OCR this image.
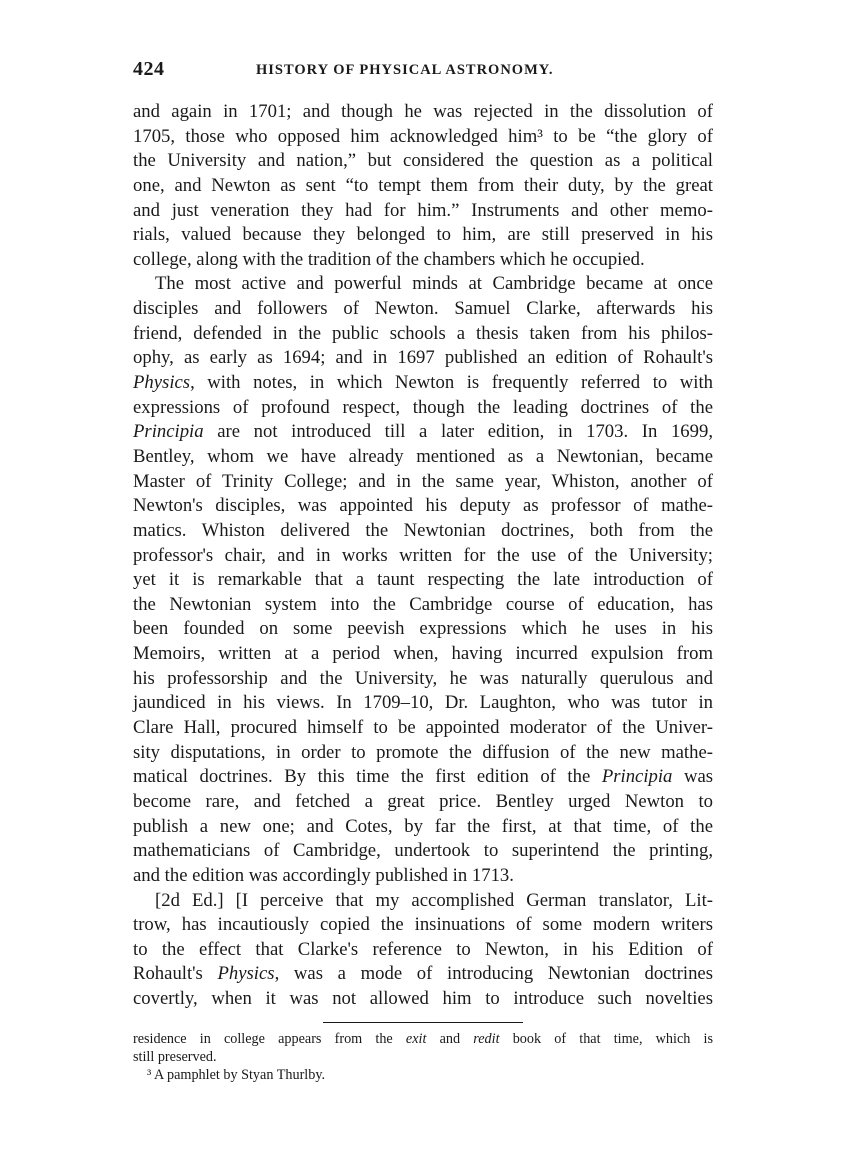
424	HISTORY OF PHYSICAL ASTRONOMY.
and again in 1701; and though he was rejected in the dissolution of
1705, those who opposed him acknowledged him³ to be “the glory of
the University and nation,” but considered the question as a political
one, and Newton as sent “to tempt them from their duty, by the great
and just veneration they had for him.” Instruments and other memo-
rials, valued because they belonged to him, are still preserved in his
college, along with the tradition of the chambers which he occupied.
The most active and powerful minds at Cambridge became at once
disciples and followers of Newton. Samuel Clarke, afterwards his
friend, defended in the public schools a thesis taken from his philos-
ophy, as early as 1694; and in 1697 published an edition of Rohault's
Physics, with notes, in which Newton is frequently referred to with
expressions of profound respect, though the leading doctrines of the
Principia are not introduced till a later edition, in 1703. In 1699,
Bentley, whom we have already mentioned as a Newtonian, became
Master of Trinity College; and in the same year, Whiston, another of
Newton's disciples, was appointed his deputy as professor of mathe-
matics. Whiston delivered the Newtonian doctrines, both from the
professor's chair, and in works written for the use of the University;
yet it is remarkable that a taunt respecting the late introduction of
the Newtonian system into the Cambridge course of education, has
been founded on some peevish expressions which he uses in his
Memoirs, written at a period when, having incurred expulsion from
his professorship and the University, he was naturally querulous and
jaundiced in his views. In 1709–10, Dr. Laughton, who was tutor in
Clare Hall, procured himself to be appointed moderator of the Univer-
sity disputations, in order to promote the diffusion of the new mathe-
matical doctrines. By this time the first edition of the Principia was
become rare, and fetched a great price. Bentley urged Newton to
publish a new one; and Cotes, by far the first, at that time, of the
mathematicians of Cambridge, undertook to superintend the printing,
and the edition was accordingly published in 1713.
[2d Ed.] [I perceive that my accomplished German translator, Lit-
trow, has incautiously copied the insinuations of some modern writers
to the effect that Clarke's reference to Newton, in his Edition of
Rohault's Physics, was a mode of introducing Newtonian doctrines
covertly, when it was not allowed him to introduce such novelties
residence in college appears from the exit and redit book of that time, which is
still preserved.
³ A pamphlet by Styan Thurlby.
